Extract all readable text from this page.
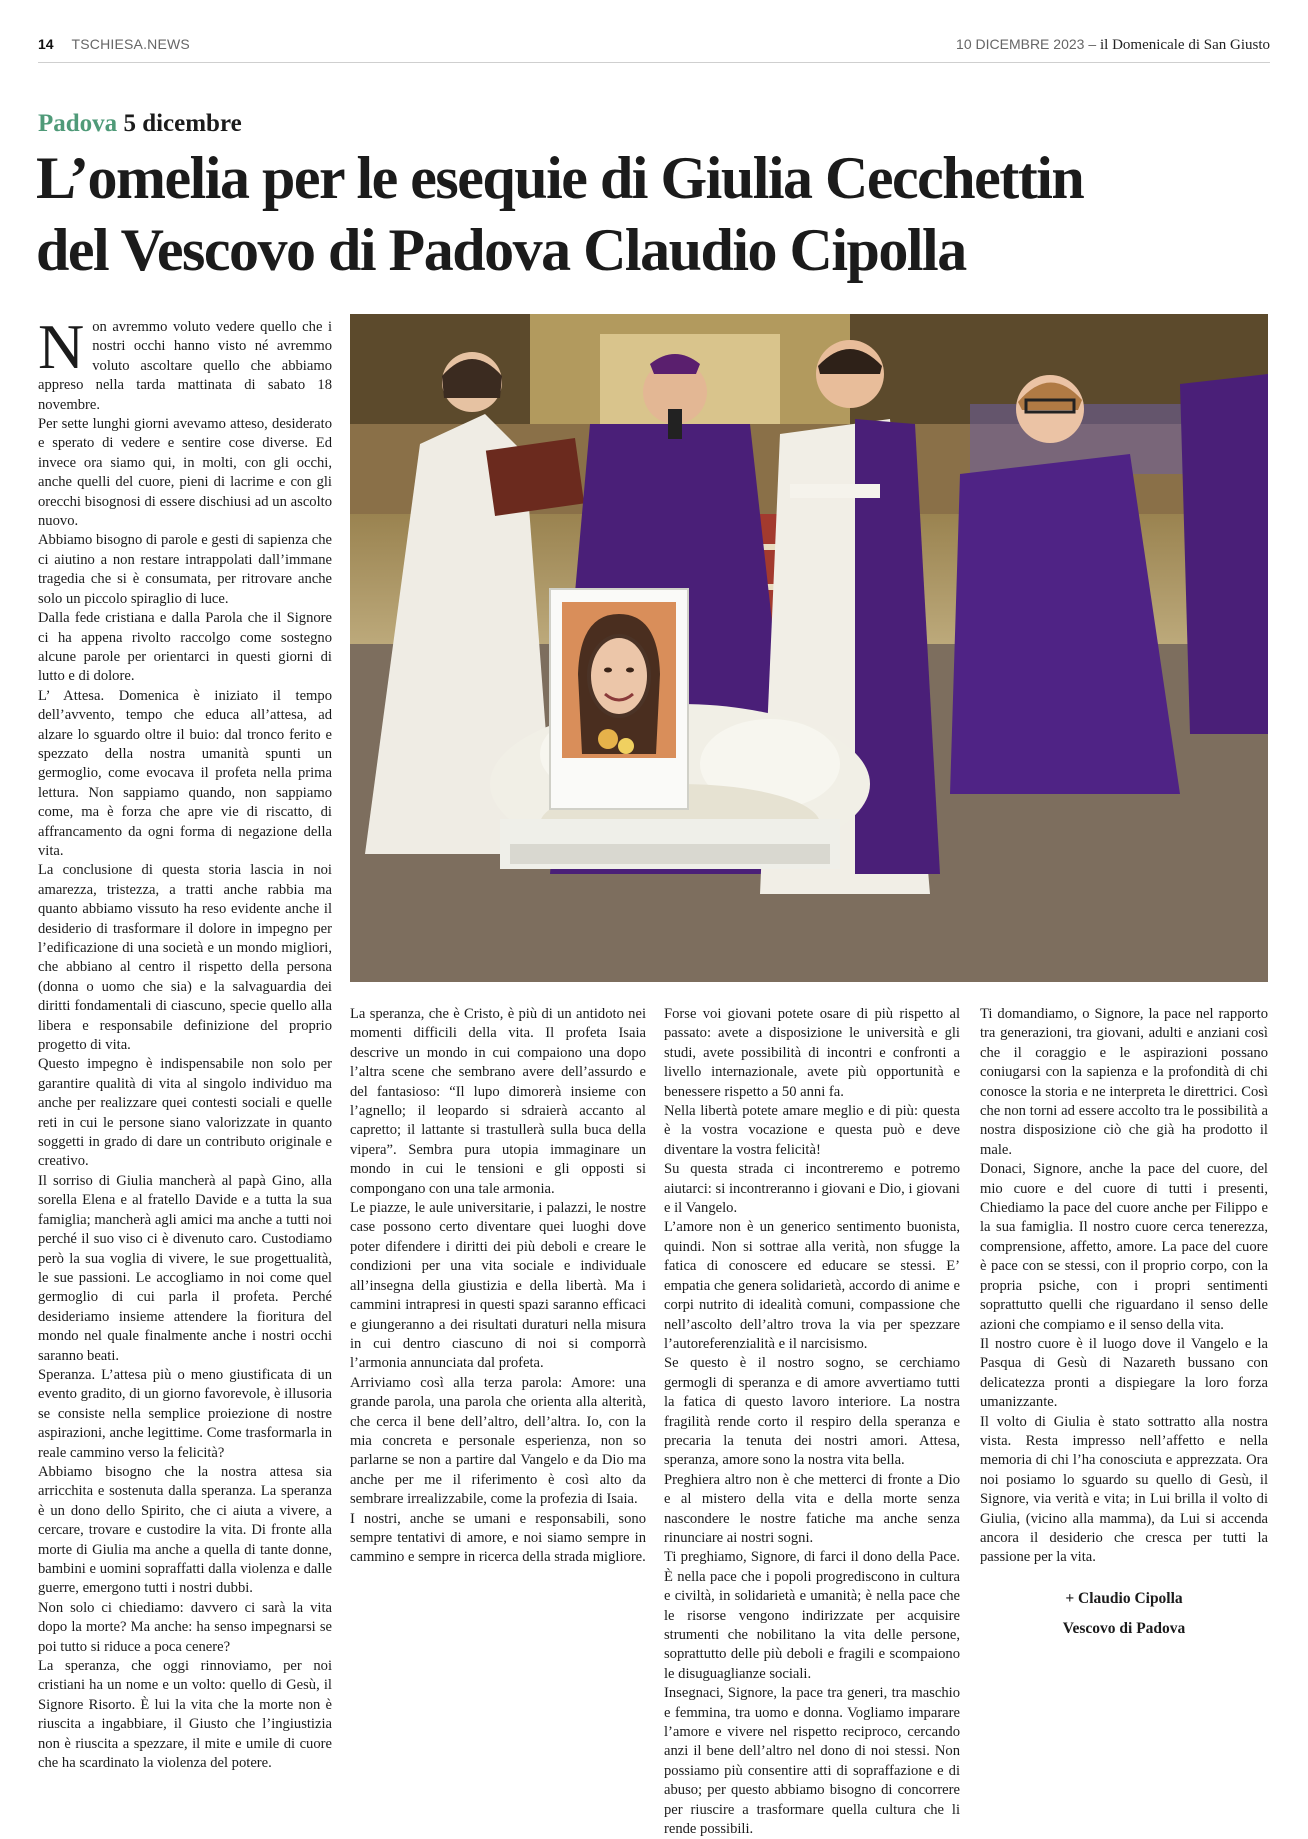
14 TSCHIESA.NEWS	10 DICEMBRE 2023 – il Domenicale di San Giusto
Padova 5 dicembre
L’omelia per le esequie di Giulia Cecchettin
del Vescovo di Padova Claudio Cipolla

Non avremmo voluto vedere quello che i nostri occhi hanno visto né avremmo voluto ascoltare quello che abbiamo appreso nella tarda mattinata di sabato 18 novembre.

Per sette lunghi giorni avevamo atteso, desiderato e sperato di vedere e sentire cose diverse. Ed invece ora siamo qui, in molti, con gli occhi, anche quelli del cuore, pieni di lacrime e con gli orecchi bisognosi di essere dischiusi ad un ascolto nuovo.

Abbiamo bisogno di parole e gesti di sapienza che ci aiutino a non restare intrappolati dall’immane tragedia che si è consumata, per ritrovare anche solo un piccolo spiraglio di luce.

Dalla fede cristiana e dalla Parola che il Signore ci ha appena rivolto raccolgo come sostegno alcune parole per orientarci in questi giorni di lutto e di dolore.

L’ Attesa. Domenica è iniziato il tempo dell’avvento, tempo che educa all’attesa, ad alzare lo sguardo oltre il buio: dal tronco ferito e spezzato della nostra umanità spunti un germoglio, come evocava il profeta nella prima lettura. Non sappiamo quando, non sappiamo come, ma è forza che apre vie di riscatto, di affrancamento da ogni forma di negazione della vita.

La conclusione di questa storia lascia in noi amarezza, tristezza, a tratti anche rabbia ma quanto abbiamo vissuto ha reso evidente anche il desiderio di trasformare il dolore in impegno per l’edificazione di una società e un mondo migliori, che abbiano al centro il rispetto della persona (donna o uomo che sia) e la salvaguardia dei diritti fondamentali di ciascuno, specie quello alla libera e responsabile definizione del proprio progetto di vita.

Questo impegno è indispensabile non solo per garantire qualità di vita al singolo individuo ma anche per realizzare quei contesti sociali e quelle reti in cui le persone siano valorizzate in quanto soggetti in grado di dare un contributo originale e creativo.

Il sorriso di Giulia mancherà al papà Gino, alla sorella Elena e al fratello Davide e a tutta la sua famiglia; mancherà agli amici ma anche a tutti noi perché il suo viso ci è divenuto caro. Custodiamo però la sua voglia di vivere, le sue progettualità, le sue passioni. Le accogliamo in noi come quel germoglio di cui parla il profeta. Perché desideriamo insieme attendere la fioritura del mondo nel quale finalmente anche i nostri occhi saranno beati.

Speranza. L’attesa più o meno giustificata di un evento gradito, di un giorno favorevole, è illusoria se consiste nella semplice proiezione di nostre aspirazioni, anche legittime. Come trasformarla in reale cammino verso la felicità?

Abbiamo bisogno che la nostra attesa sia arricchita e sostenuta dalla speranza. La speranza è un dono dello Spirito, che ci aiuta a vivere, a cercare, trovare e custodire la vita. Di fronte alla morte di Giulia ma anche a quella di tante donne, bambini e uomini sopraffatti dalla violenza e dalle guerre, emergono tutti i nostri dubbi.

Non solo ci chiediamo: davvero ci sarà la vita dopo la morte? Ma anche: ha senso impegnarsi se poi tutto si riduce a poca cenere?

La speranza, che oggi rinnoviamo, per noi cristiani ha un nome e un volto: quello di Gesù, il Signore Risorto. È lui la vita che la morte non è riuscita a ingabbiare, il Giusto che l’ingiustizia non è riuscita a spezzare, il mite e umile di cuore che ha scardinato la violenza del potere.

La speranza, che è Cristo, è più di un antidoto nei momenti difficili della vita. Il profeta Isaia descrive un mondo in cui compaiono una dopo l’altra scene che sembrano avere dell’assurdo e del fantasioso: “Il lupo dimorerà insieme con l’agnello; il leopardo si sdraierà accanto al capretto; il lattante si trastullerà sulla buca della vipera”. Sembra pura utopia immaginare un mondo in cui le tensioni e gli opposti si compongano con una tale armonia.

Le piazze, le aule universitarie, i palazzi, le nostre case possono certo diventare quei luoghi dove poter difendere i diritti dei più deboli e creare le condizioni per una vita sociale e individuale all’insegna della giustizia e della libertà. Ma i cammini intrapresi in questi spazi saranno efficaci e giungeranno a dei risultati duraturi nella misura in cui dentro ciascuno di noi si comporrà l’armonia annunciata dal profeta.

Arriviamo così alla terza parola: Amore: una grande parola, una parola che orienta alla alterità, che cerca il bene dell’altro, dell’altra. Io, con la mia concreta e personale esperienza, non so parlarne se non a partire dal Vangelo e da Dio ma anche per me il riferimento è così alto da sembrare irrealizzabile, come la profezia di Isaia.

I nostri, anche se umani e responsabili, sono sempre tentativi di amore, e noi siamo sempre in cammino e sempre in ricerca della strada migliore.

Forse voi giovani potete osare di più rispetto al passato: avete a disposizione le università e gli studi, avete possibilità di incontri e confronti a livello internazionale, avete più opportunità e benessere rispetto a 50 anni fa.

Nella libertà potete amare meglio e di più: questa è la vostra vocazione e questa può e deve diventare la vostra felicità!

Su questa strada ci incontreremo e potremo aiutarci: si incontreranno i giovani e Dio, i giovani e il Vangelo.

L’amore non è un generico sentimento buonista, quindi. Non si sottrae alla verità, non sfugge la fatica di conoscere ed educare se stessi. E’ empatia che genera solidarietà, accordo di anime e corpi nutrito di idealità comuni, compassione che nell’ascolto dell’altro trova la via per spezzare l’autoreferenzialità e il narcisismo.

Se questo è il nostro sogno, se cerchiamo germogli di speranza e di amore avvertiamo tutti la fatica di questo lavoro interiore. La nostra fragilità rende corto il respiro della speranza e precaria la tenuta dei nostri amori. Attesa, speranza, amore sono la nostra vita bella.

Preghiera altro non è che metterci di fronte a Dio e al mistero della vita e della morte senza nascondere le nostre fatiche ma anche senza rinunciare ai nostri sogni.

Ti preghiamo, Signore, di farci il dono della Pace. È nella pace che i popoli progrediscono in cultura e civiltà, in solidarietà e umanità; è nella pace che le risorse vengono indirizzate per acquisire strumenti che nobilitano la vita delle persone, soprattutto delle più deboli e fragili e scompaiono le disuguaglianze sociali.

Insegnaci, Signore, la pace tra generi, tra maschio e femmina, tra uomo e donna. Vogliamo imparare l’amore e vivere nel rispetto reciproco, cercando anzi il bene dell’altro nel dono di noi stessi. Non possiamo più consentire atti di sopraffazione e di abuso; per questo abbiamo bisogno di concorrere per riuscire a trasformare quella cultura che li rende possibili.

Ti domandiamo, o Signore, la pace nel rapporto tra generazioni, tra giovani, adulti e anziani così che il coraggio e le aspirazioni possano coniugarsi con la sapienza e la profondità di chi conosce la storia e ne interpreta le direttrici. Così che non torni ad essere accolto tra le possibilità a nostra disposizione ciò che già ha prodotto il male.

Donaci, Signore, anche la pace del cuore, del mio cuore e del cuore di tutti i presenti, Chiediamo la pace del cuore anche per Filippo e la sua famiglia. Il nostro cuore cerca tenerezza, comprensione, affetto, amore. La pace del cuore è pace con se stessi, con il proprio corpo, con la propria psiche, con i propri sentimenti soprattutto quelli che riguardano il senso delle azioni che compiamo e il senso della vita.

Il nostro cuore è il luogo dove il Vangelo e la Pasqua di Gesù di Nazareth bussano con delicatezza pronti a dispiegare la loro forza umanizzante.

Il volto di Giulia è stato sottratto alla nostra vista. Resta impresso nell’affetto e nella memoria di chi l’ha conosciuta e apprezzata. Ora noi posiamo lo sguardo su quello di Gesù, il Signore, via verità e vita; in Lui brilla il volto di Giulia, (vicino alla mamma), da Lui si accenda ancora il desiderio che cresca per tutti la passione per la vita.

+ Claudio Cipolla
Vescovo di Padova
